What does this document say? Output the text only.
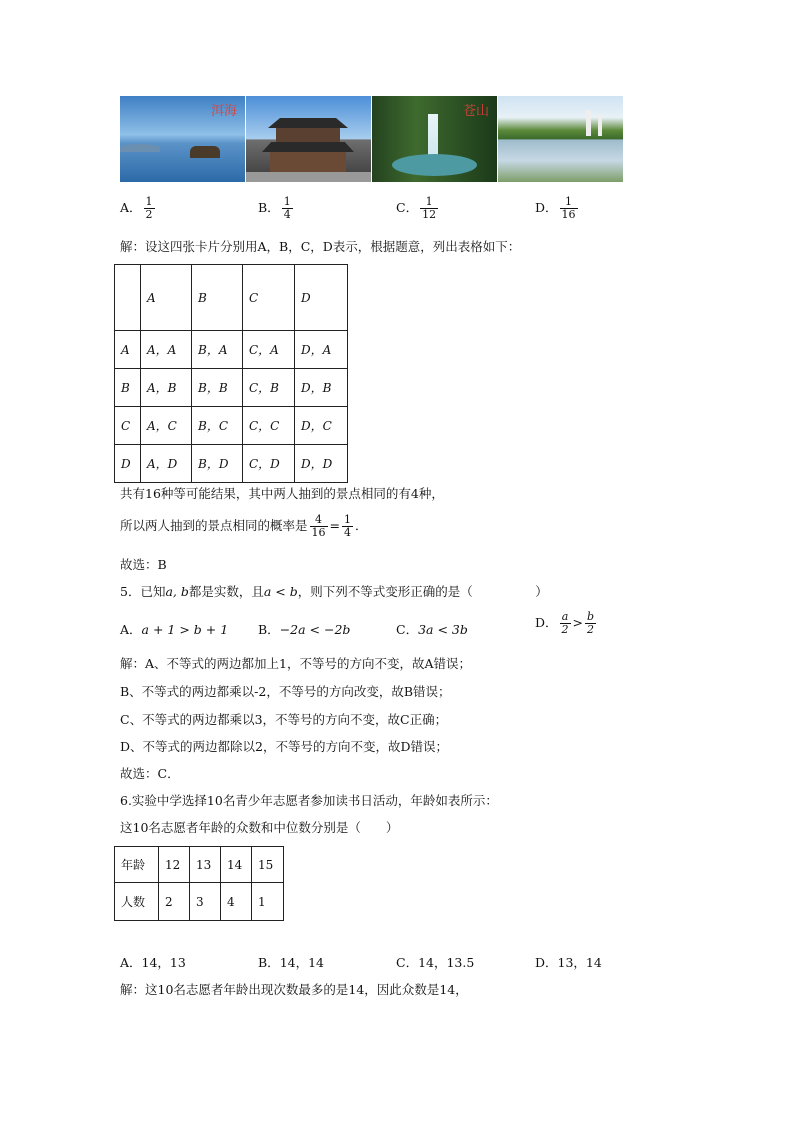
洱海	苍山
A． $\frac{1}{2}$	B． $\frac{1}{4}$	C． $\frac{1}{12}$	D． $\frac{1}{16}$
解：设这四张卡片分别用A，B，C，D表示，根据题意，列出表格如下：
	A	B	C	D
A	A，A	B，A	C，A	D，A
B	A，B	B，B	C，B	D，B
C	A，C	B，C	C，C	D，C
D	A，D	B，D	C，D	D，D
共有16种等可能结果，其中两人抽到的景点相同的有4种，
所以两人抽到的景点相同的概率是 $\frac{4}{16} = \frac{1}{4}$ ．
故选：B
5．已知a, b都是实数，且a < b，则下列不等式变形正确的是（　　　　　）
A．a + 1 > b + 1 B．−2a < −2b	C．3a < 3b	D． $\frac{a}{2} > \frac{b}{2}$
解：A、不等式的两边都加上1，不等号的方向不变，故A错误；
B、不等式的两边都乘以-2，不等号的方向改变，故B错误；
C、不等式的两边都乘以3，不等号的方向不变，故C正确；
D、不等式的两边都除以2，不等号的方向不变，故D错误；
故选：C．
6.实验中学选择10名青少年志愿者参加读书日活动，年龄如表所示：
这10名志愿者年龄的众数和中位数分别是（　　）
年龄	12	13	14	15
人数	2	3	4	1
A．14，13	B．14，14	C．14，13.5	D．13，14
解：这10名志愿者年龄出现次数最多的是14，因此众数是14，
